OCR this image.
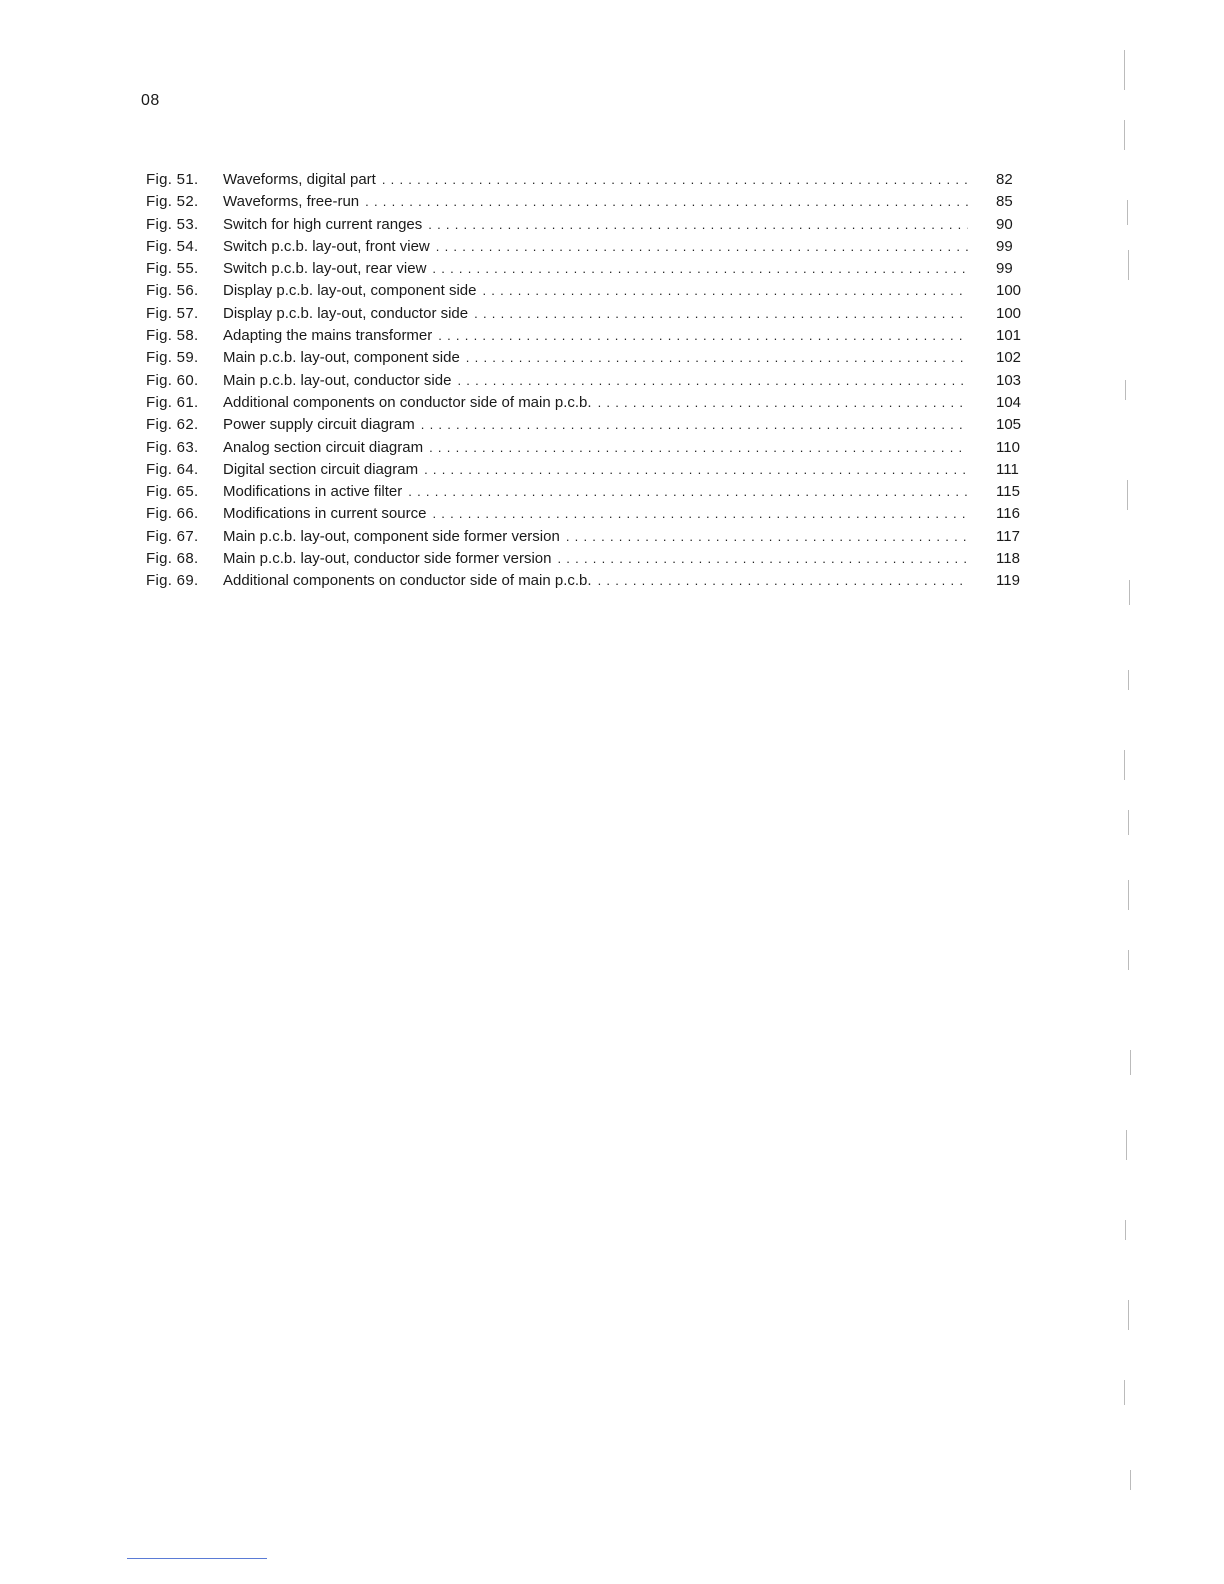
08
Fig. 51.	Waveforms, digital part . . .	82
Fig. 52.	Waveforms, free-run . . .	85
Fig. 53.	Switch for high current ranges . . .	90
Fig. 54.	Switch p.c.b. lay-out, front view . . .	99
Fig. 55.	Switch p.c.b. lay-out, rear view . . .	99
Fig. 56.	Display p.c.b. lay-out, component side . . .	100
Fig. 57.	Display p.c.b. lay-out, conductor side . . .	100
Fig. 58.	Adapting the mains transformer . . .	101
Fig. 59.	Main p.c.b. lay-out, component side . . .	102
Fig. 60.	Main p.c.b. lay-out, conductor side . . .	103
Fig. 61.	Additional components on conductor side of main p.c.b. . . .	104
Fig. 62.	Power supply circuit diagram . . .	105
Fig. 63.	Analog section circuit diagram . . .	110
Fig. 64.	Digital section circuit diagram . . .	111
Fig. 65.	Modifications in active filter . . .	115
Fig. 66.	Modifications in current source . . .	116
Fig. 67.	Main p.c.b. lay-out, component side former version . . .	117
Fig. 68.	Main p.c.b. lay-out, conductor side former version . . .	118
Fig. 69.	Additional components on conductor side of main p.c.b. . . .	119
